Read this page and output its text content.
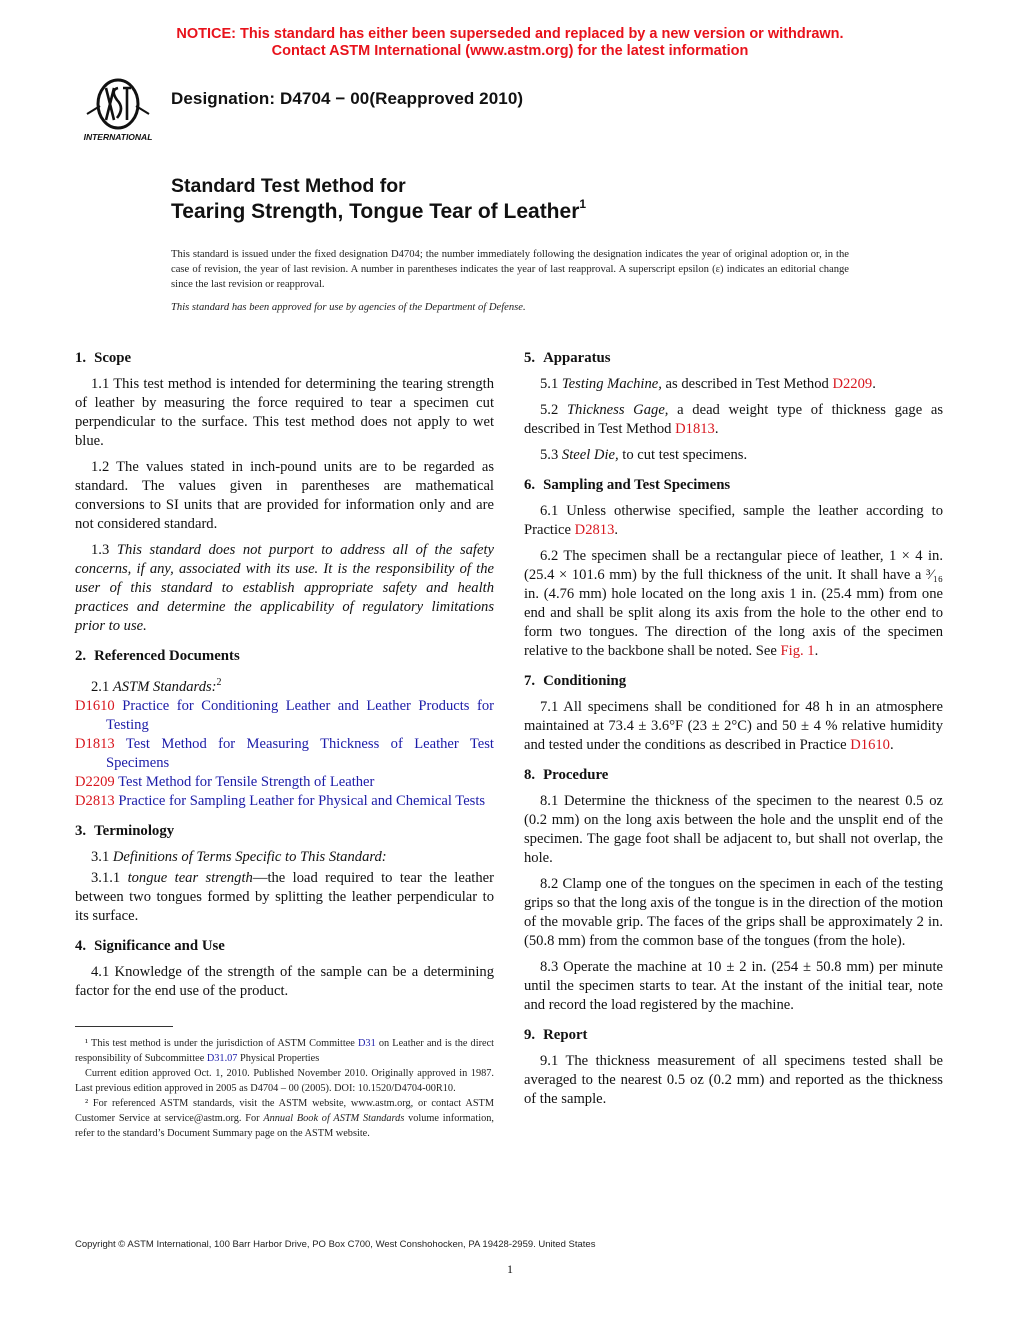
NOTICE: This standard has either been superseded and replaced by a new version or withdrawn.
Contact ASTM International (www.astm.org) for the latest information
INTERNATIONAL
Designation: D4704 − 00(Reapproved 2010)
Standard Test Method for
Tearing Strength, Tongue Tear of Leather$^1$
This standard is issued under the fixed designation D4704; the number immediately following the designation indicates the year of original adoption or, in the case of revision, the year of last revision. A number in parentheses indicates the year of last reapproval. A superscript epsilon (ε) indicates an editorial change since the last revision or reapproval.
This standard has been approved for use by agencies of the Department of Defense.
1. Scope

1.1 This test method is intended for determining the tearing strength of leather by measuring the force required to tear a specimen cut perpendicular to the surface. This test method does not apply to wet blue.

1.2 The values stated in inch-pound units are to be regarded as standard. The values given in parentheses are mathematical conversions to SI units that are provided for information only and are not considered standard.

1.3 This standard does not purport to address all of the safety concerns, if any, associated with its use. It is the responsibility of the user of this standard to establish appropriate safety and health practices and determine the applicability of regulatory limitations prior to use.

2. Referenced Documents

2.1 ASTM Standards:$^2$

D1610 Practice for Conditioning Leather and Leather Products for Testing

D1813 Test Method for Measuring Thickness of Leather Test Specimens

D2209 Test Method for Tensile Strength of Leather

D2813 Practice for Sampling Leather for Physical and Chemical Tests

3. Terminology

3.1 Definitions of Terms Specific to This Standard:

3.1.1 tongue tear strength—the load required to tear the leather between two tongues formed by splitting the leather perpendicular to its surface.

4. Significance and Use

4.1 Knowledge of the strength of the sample can be a determining factor for the end use of the product.

¹ This test method is under the jurisdiction of ASTM Committee D31 on Leather and is the direct responsibility of Subcommittee D31.07 Physical Properties

Current edition approved Oct. 1, 2010. Published November 2010. Originally approved in 1987. Last previous edition approved in 2005 as D4704 – 00 (2005). DOI: 10.1520/D4704-00R10.

² For referenced ASTM standards, visit the ASTM website, www.astm.org, or contact ASTM Customer Service at service@astm.org. For Annual Book of ASTM Standards volume information, refer to the standard’s Document Summary page on the ASTM website.

5. Apparatus

5.1 Testing Machine, as described in Test Method D2209.

5.2 Thickness Gage, a dead weight type of thickness gage as described in Test Method D1813.

5.3 Steel Die, to cut test specimens.

6. Sampling and Test Specimens

6.1 Unless otherwise specified, sample the leather according to Practice D2813.

6.2 The specimen shall be a rectangular piece of leather, 1 × 4 in. (25.4 × 101.6 mm) by the full thickness of the unit. It shall have a ³⁄₁₆ in. (4.76 mm) hole located on the long axis 1 in. (25.4 mm) from one end and shall be split along its axis from the hole to the other end to form two tongues. The direction of the long axis of the specimen relative to the backbone shall be noted. See Fig. 1.

7. Conditioning

7.1 All specimens shall be conditioned for 48 h in an atmosphere maintained at 73.4 ± 3.6°F (23 ± 2°C) and 50 ± 4 % relative humidity and tested under the conditions as described in Practice D1610.

8. Procedure

8.1 Determine the thickness of the specimen to the nearest 0.5 oz (0.2 mm) on the long axis between the hole and the unsplit end of the specimen. The gage foot shall be adjacent to, but shall not overlap, the hole.

8.2 Clamp one of the tongues on the specimen in each of the testing grips so that the long axis of the tongue is in the direction of the motion of the movable grip. The faces of the grips shall be approximately 2 in. (50.8 mm) from the common base of the tongues (from the hole).

8.3 Operate the machine at 10 ± 2 in. (254 ± 50.8 mm) per minute until the specimen starts to tear. At the instant of the initial tear, note and record the load registered by the machine.

9. Report

9.1 The thickness measurement of all specimens tested shall be averaged to the nearest 0.5 oz (0.2 mm) and reported as the thickness of the sample.

Copyright © ASTM International, 100 Barr Harbor Drive, PO Box C700, West Conshohocken, PA 19428-2959. United States
1
